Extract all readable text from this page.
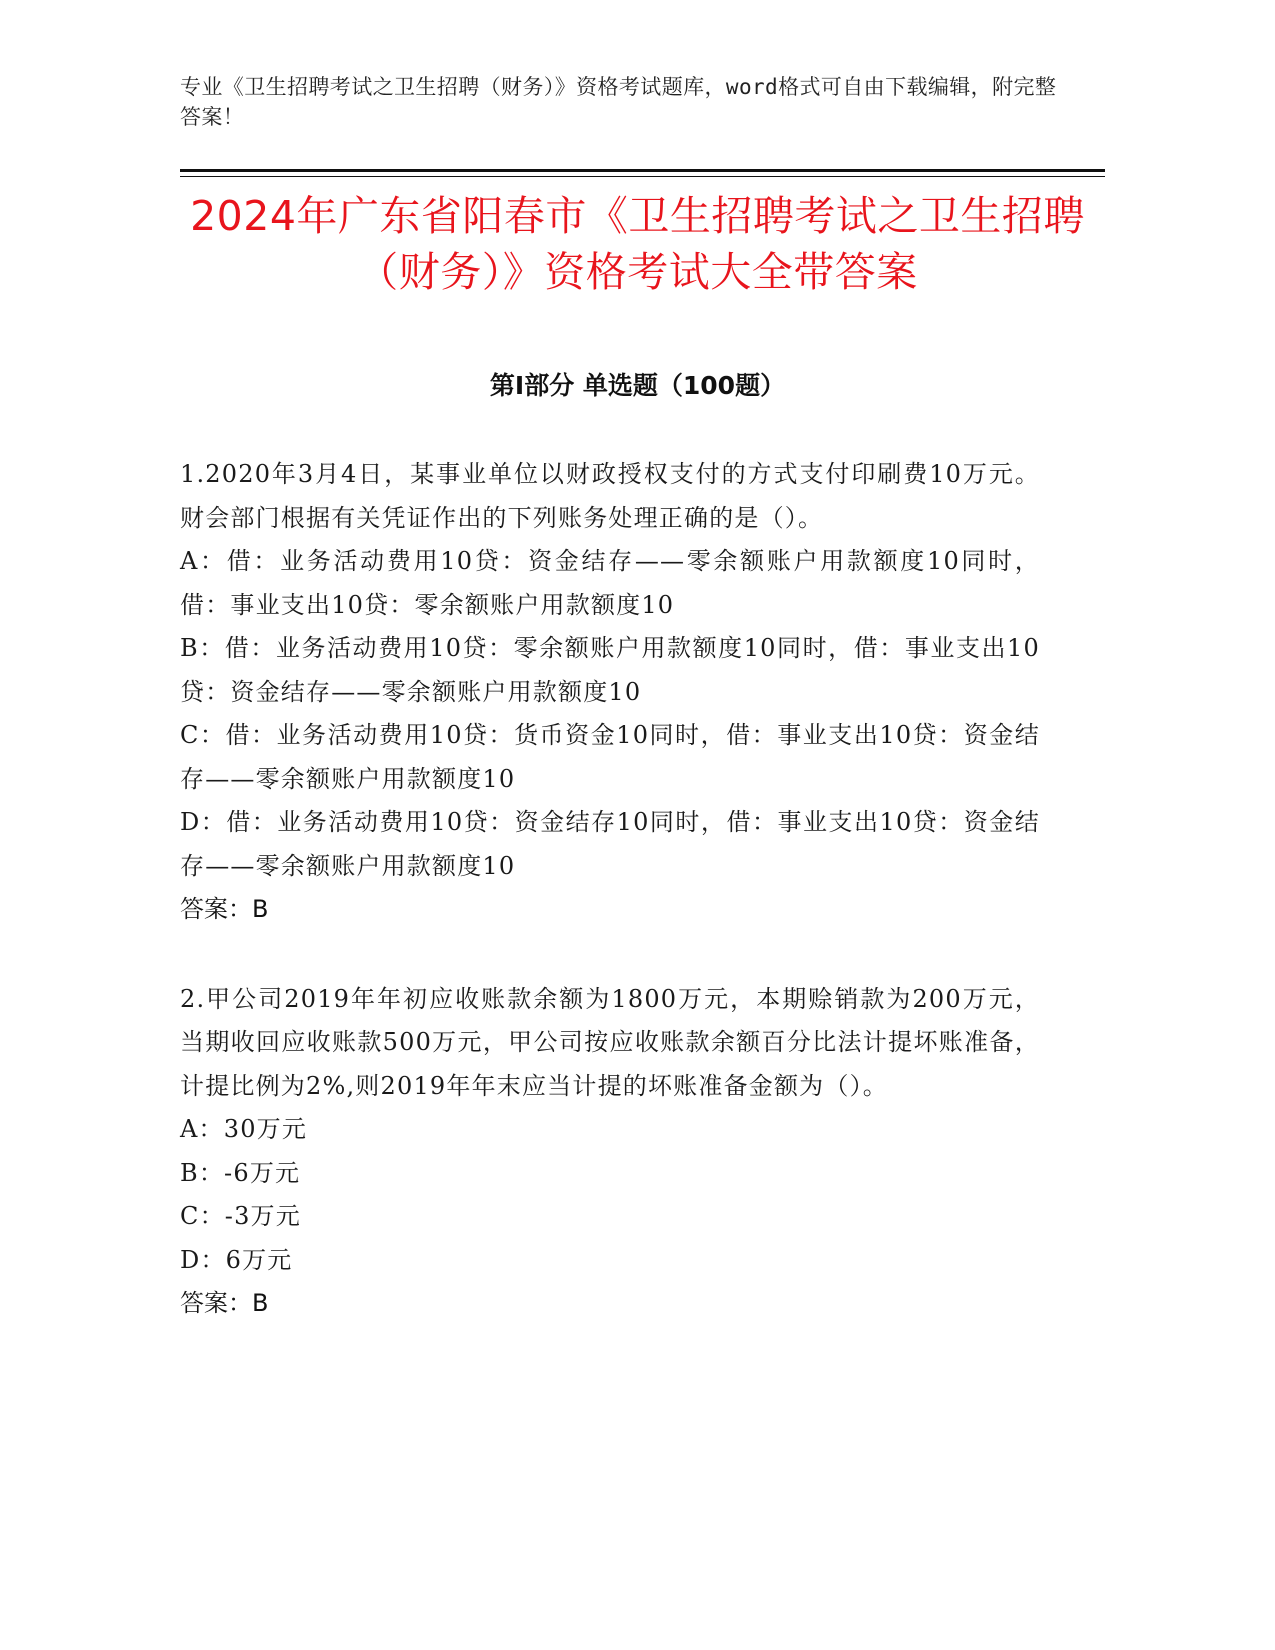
专业《卫生招聘考试之卫生招聘（财务）》资格考试题库，word格式可自由下载编辑，附完整答案！
2024年广东省阳春市《卫生招聘考试之卫生招聘（财务）》资格考试大全带答案
第Ⅰ部分 单选题（100题）

1.2020年3月4日，某事业单位以财政授权支付的方式支付印刷费10万元。财会部门根据有关凭证作出的下列账务处理正确的是（）。

A：借：业务活动费用10贷：资金结存——零余额账户用款额度10同时，借：事业支出10贷：零余额账户用款额度10

B：借：业务活动费用10贷：零余额账户用款额度10同时，借：事业支出10贷：资金结存——零余额账户用款额度10

C：借：业务活动费用10贷：货币资金10同时，借：事业支出10贷：资金结存——零余额账户用款额度10

D：借：业务活动费用10贷：资金结存10同时，借：事业支出10贷：资金结存——零余额账户用款额度10

答案：B

2.甲公司2019年年初应收账款余额为1800万元，本期赊销款为200万元，当期收回应收账款500万元，甲公司按应收账款余额百分比法计提坏账准备，计提比例为2%,则2019年年末应当计提的坏账准备金额为（）。

A：30万元

B：-6万元

C：-3万元

D：6万元

答案：B
